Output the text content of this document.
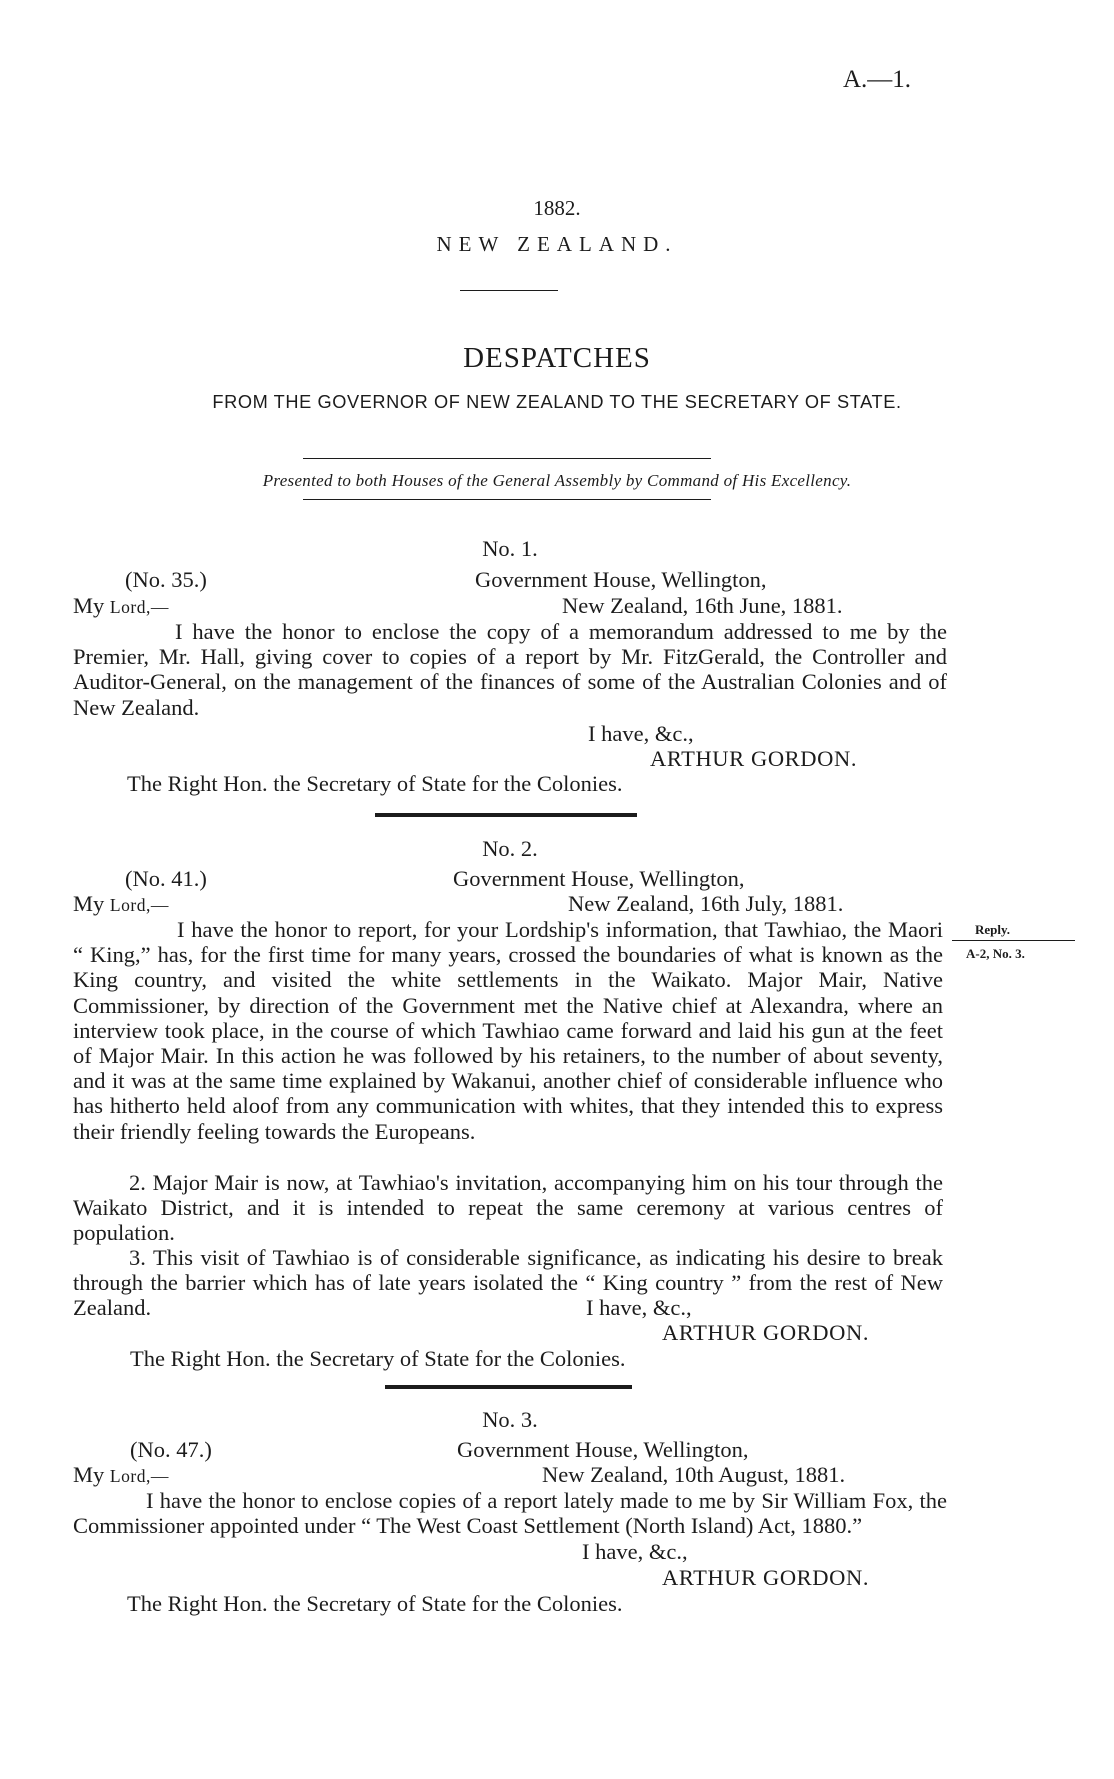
A.—1.
1882.
NEW ZEALAND.
DESPATCHES
FROM THE GOVERNOR OF NEW ZEALAND TO THE SECRETARY OF STATE.
Presented to both Houses of the General Assembly by Command of His Excellency.
No. 1.
(No. 35.)	Government House, Wellington,
My Lord,—	New Zealand, 16th June, 1881.
I have the honor to enclose the copy of a memorandum addressed to me by the Premier, Mr. Hall, giving cover to copies of a report by Mr. FitzGerald, the Controller and Auditor-General, on the management of the finances of some of the Australian Colonies and of New Zealand.
I have, &c.,
ARTHUR GORDON.
The Right Hon. the Secretary of State for the Colonies.
No. 2.
(No. 41.)	Government House, Wellington,
My Lord,—	New Zealand, 16th July, 1881.
I have the honor to report, for your Lordship's information, that Tawhiao, the Maori “ King,” has, for the first time for many years, crossed the boundaries of what is known as the King country, and visited the white settlements in the Waikato. Major Mair, Native Commissioner, by direction of the Government met the Native chief at Alexandra, where an interview took place, in the course of which Tawhiao came forward and laid his gun at the feet of Major Mair. In this action he was followed by his retainers, to the number of about seventy, and it was at the same time explained by Wakanui, another chief of considerable influence who has hitherto held aloof from any communication with whites, that they intended this to express their friendly feeling towards the Europeans.
2. Major Mair is now, at Tawhiao's invitation, accompanying him on his tour through the Waikato District, and it is intended to repeat the same ceremony at various centres of population.
3. This visit of Tawhiao is of considerable significance, as indicating his desire to break through the barrier which has of late years isolated the “ King country ” from the rest of New Zealand.	I have, &c.,
ARTHUR GORDON.
The Right Hon. the Secretary of State for the Colonies.
Reply.
A-2, No. 3.
No. 3.
(No. 47.)	Government House, Wellington,
My Lord,—	New Zealand, 10th August, 1881.
I have the honor to enclose copies of a report lately made to me by Sir William Fox, the Commissioner appointed under “ The West Coast Settlement (North Island) Act, 1880.”
I have, &c.,
ARTHUR GORDON.
The Right Hon. the Secretary of State for the Colonies.
